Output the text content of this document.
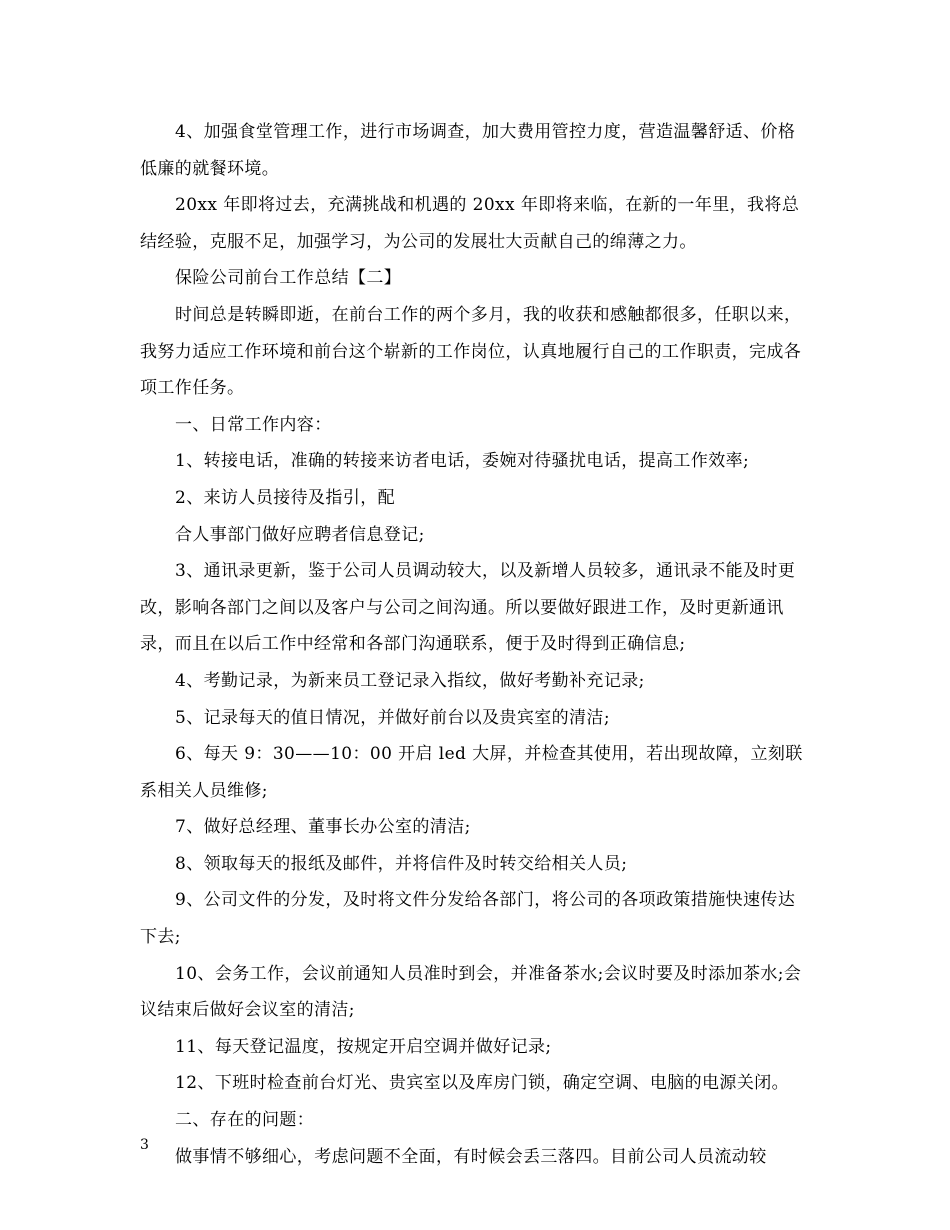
4、加强食堂管理工作，进行市场调查，加大费用管控力度，营造温馨舒适、价格低廉的就餐环境。

20xx 年即将过去，充满挑战和机遇的 20xx 年即将来临，在新的一年里，我将总结经验，克服不足，加强学习，为公司的发展壮大贡献自己的绵薄之力。

保险公司前台工作总结【二】

时间总是转瞬即逝，在前台工作的两个多月，我的收获和感触都很多，任职以来，我努力适应工作环境和前台这个崭新的工作岗位，认真地履行自己的工作职责，完成各项工作任务。

一、日常工作内容：

1、转接电话，准确的转接来访者电话，委婉对待骚扰电话，提高工作效率;

2、来访人员接待及指引，配

合人事部门做好应聘者信息登记;

3、通讯录更新，鉴于公司人员调动较大，以及新增人员较多，通讯录不能及时更改，影响各部门之间以及客户与公司之间沟通。所以要做好跟进工作，及时更新通讯录，而且在以后工作中经常和各部门沟通联系，便于及时得到正确信息;

4、考勤记录，为新来员工登记录入指纹，做好考勤补充记录;

5、记录每天的值日情况，并做好前台以及贵宾室的清洁;

6、每天 9：30——10：00 开启 led 大屏，并检查其使用，若出现故障，立刻联系相关人员维修;

7、做好总经理、董事长办公室的清洁;

8、领取每天的报纸及邮件，并将信件及时转交给相关人员;

9、公司文件的分发，及时将文件分发给各部门，将公司的各项政策措施快速传达下去;

10、会务工作，会议前通知人员准时到会，并准备茶水;会议时要及时添加茶水;会议结束后做好会议室的清洁;

11、每天登记温度，按规定开启空调并做好记录;

12、下班时检查前台灯光、贵宾室以及库房门锁，确定空调、电脑的电源关闭。

二、存在的问题：

做事情不够细心，考虑问题不全面，有时候会丢三落四。目前公司人员流动较

3
